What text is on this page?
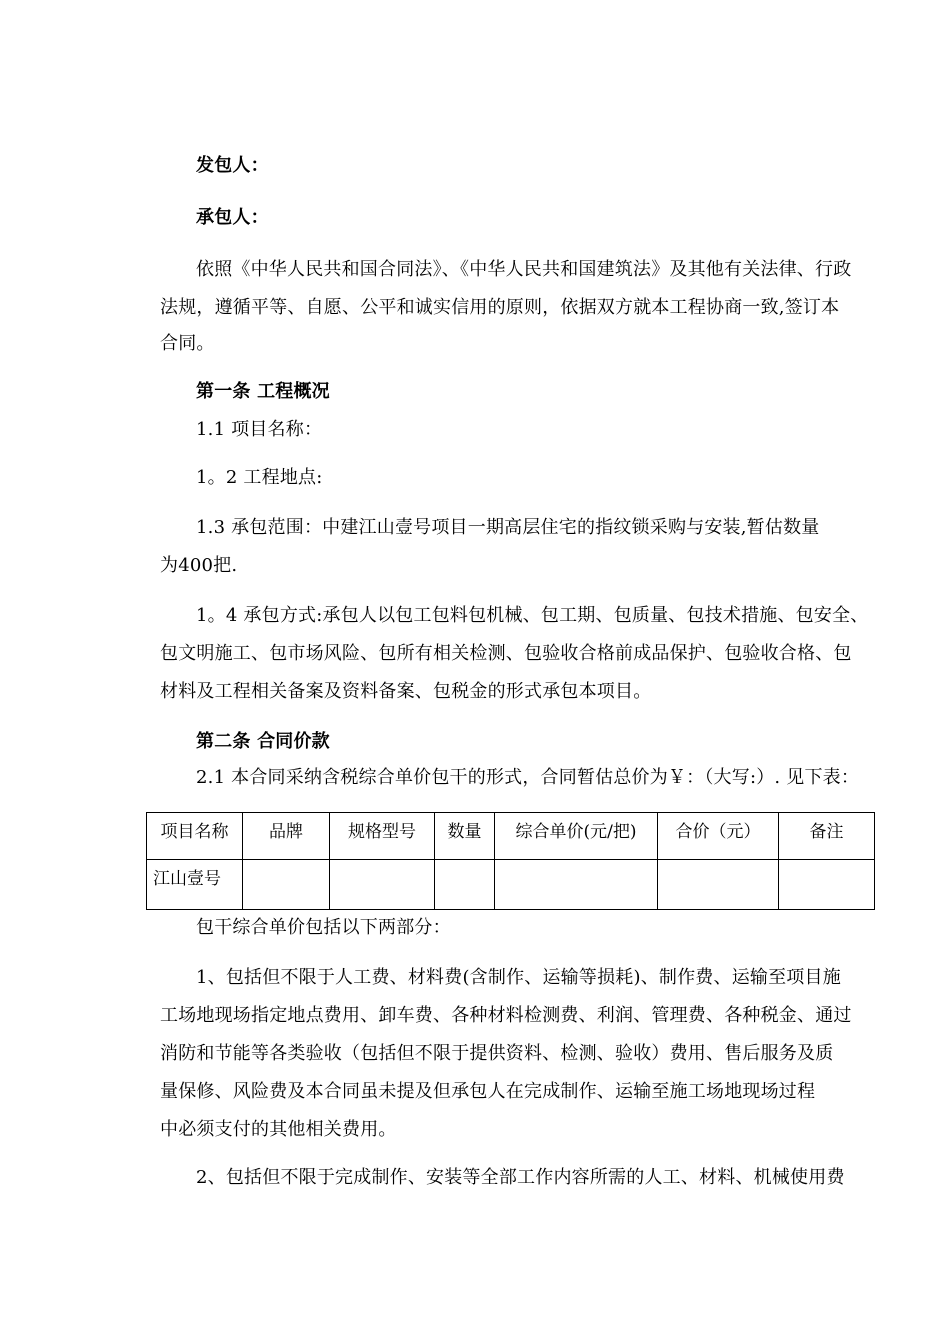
发包人：
承包人：
依照《中华人民共和国合同法》、《中华人民共和国建筑法》及其他有关法律、行政
法规，遵循平等、自愿、公平和诚实信用的原则，依据双方就本工程协商一致,签订本
合同。
第一条 工程概况
1.1 项目名称：
1。2 工程地点:
1.3 承包范围：中建江山壹号项目一期高层住宅的指纹锁采购与安装,暂估数量
为400把.
1。4 承包方式:承包人以包工包料包机械、包工期、包质量、包技术措施、包安全、
包文明施工、包市场风险、包所有相关检测、包验收合格前成品保护、包验收合格、包
材料及工程相关备案及资料备案、包税金的形式承包本项目。
第二条 合同价款
2.1 本合同采纳含税综合单价包干的形式，合同暂估总价为￥：（大写:）. 见下表：
项目名称	品牌	规格型号	数量	综合单价(元/把)	合价（元）	备注
江山壹号						
包干综合单价包括以下两部分：
1、包括但不限于人工费、材料费(含制作、运输等损耗)、制作费、运输至项目施
工场地现场指定地点费用、卸车费、各种材料检测费、利润、管理费、各种税金、通过
消防和节能等各类验收（包括但不限于提供资料、检测、验收）费用、售后服务及质
量保修、风险费及本合同虽未提及但承包人在完成制作、运输至施工场地现场过程
中必须支付的其他相关费用。
2、包括但不限于完成制作、安装等全部工作内容所需的人工、材料、机械使用费
